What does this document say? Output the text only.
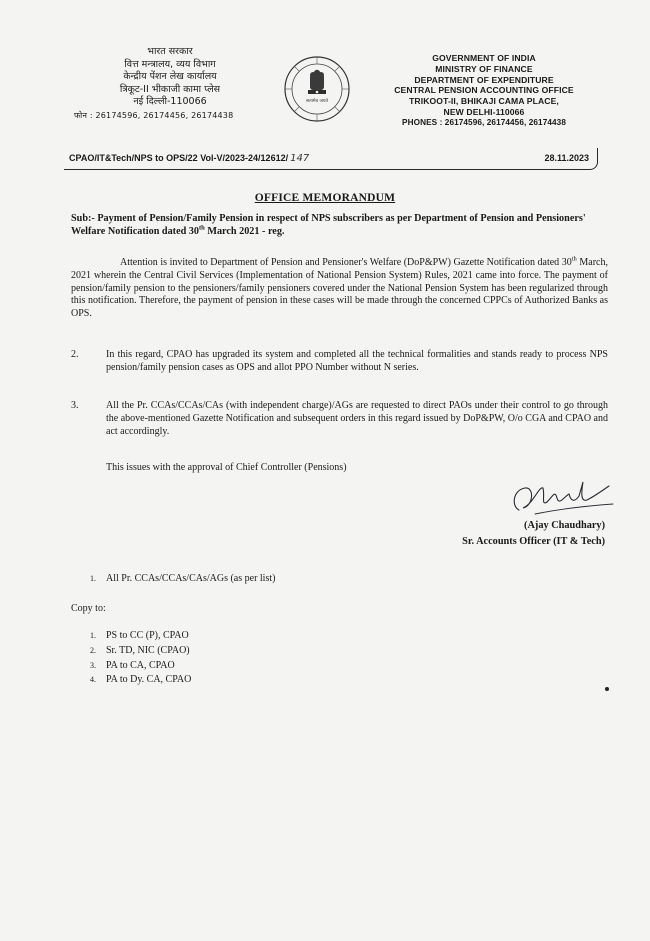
भारत सरकार
वित्त मन्त्रालय, व्यय विभाग
केन्द्रीय पेंशन लेख कार्यालय
त्रिकूट-II भीकाजी कामा प्लेस
नई दिल्ली-110066
फोन : 26174596, 26174456, 26174438
सत्यमेव जयते
GOVERNMENT OF INDIA
MINISTRY OF FINANCE
DEPARTMENT OF EXPENDITURE
CENTRAL PENSION ACCOUNTING OFFICE
TRIKOOT-II, BHIKAJI CAMA PLACE,
NEW DELHI-110066
PHONES : 26174596, 26174456, 26174438
CPAO/IT&Tech/NPS to OPS/22 Vol-V/2023-24/12612/ 147	28.11.2023
OFFICE MEMORANDUM
Sub:- Payment of Pension/Family Pension in respect of NPS subscribers as per Department of Pension and Pensioners' Welfare Notification dated 30th March 2021 - reg.
Attention is invited to Department of Pension and Pensioner's Welfare (DoP&PW) Gazette Notification dated 30th March, 2021 wherein the Central Civil Services (Implementation of National Pension System) Rules, 2021 came into force. The payment of pension/family pension to the pensioners/family pensioners covered under the National Pension System has been regularized through this notification. Therefore, the payment of pension in these cases will be made through the concerned CPPCs of Authorized Banks as OPS.
2.	In this regard, CPAO has upgraded its system and completed all the technical formalities and stands ready to process NPS pension/family pension cases as OPS and allot PPO Number without N series.
3.	All the Pr. CCAs/CCAs/CAs (with independent charge)/AGs are requested to direct PAOs under their control to go through the above-mentioned Gazette Notification and subsequent orders in this regard issued by DoP&PW, O/o CGA and CPAO and act accordingly.
This issues with the approval of Chief Controller (Pensions)
(Ajay Chaudhary)
Sr. Accounts Officer (IT & Tech)
1. All Pr. CCAs/CCAs/CAs/AGs (as per list)
Copy to:
1. PS to CC (P), CPAO
2. Sr. TD, NIC (CPAO)
3. PA to CA, CPAO
4. PA to Dy. CA, CPAO
